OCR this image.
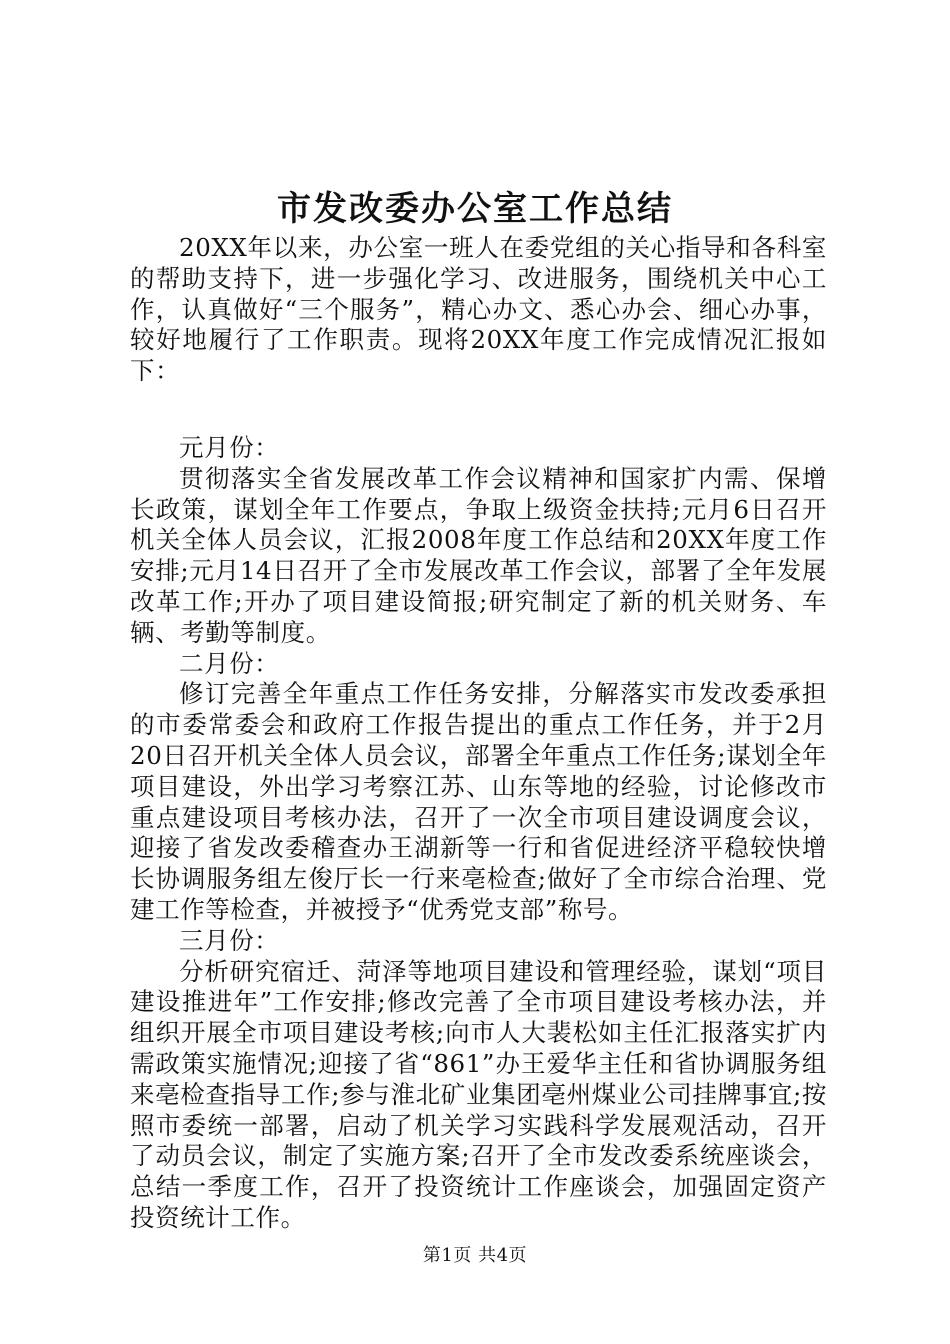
市发改委办公室工作总结

20XX年以来，办公室一班人在委党组的关心指导和各科室的帮助支持下，进一步强化学习、改进服务，围绕机关中心工作，认真做好“三个服务”，精心办文、悉心办会、细心办事，较好地履行了工作职责。现将20XX年度工作完成情况汇报如下：

元月份：

贯彻落实全省发展改革工作会议精神和国家扩内需、保增长政策，谋划全年工作要点，争取上级资金扶持;元月6日召开机关全体人员会议，汇报2008年度工作总结和20XX年度工作安排;元月14日召开了全市发展改革工作会议，部署了全年发展改革工作;开办了项目建设简报;研究制定了新的机关财务、车辆、考勤等制度。

二月份：

修订完善全年重点工作任务安排，分解落实市发改委承担的市委常委会和政府工作报告提出的重点工作任务，并于2月20日召开机关全体人员会议，部署全年重点工作任务;谋划全年项目建设，外出学习考察江苏、山东等地的经验，讨论修改市重点建设项目考核办法，召开了一次全市项目建设调度会议，迎接了省发改委稽查办王湖新等一行和省促进经济平稳较快增长协调服务组左俊厅长一行来亳检查;做好了全市综合治理、党建工作等检查，并被授予“优秀党支部”称号。

三月份：

分析研究宿迁、菏泽等地项目建设和管理经验，谋划“项目建设推进年”工作安排;修改完善了全市项目建设考核办法，并组织开展全市项目建设考核;向市人大裴松如主任汇报落实扩内需政策实施情况;迎接了省“861”办王爱华主任和省协调服务组来亳检查指导工作;参与淮北矿业集团亳州煤业公司挂牌事宜;按照市委统一部署，启动了机关学习实践科学发展观活动，召开了动员会议，制定了实施方案;召开了全市发改委系统座谈会，总结一季度工作，召开了投资统计工作座谈会，加强固定资产投资统计工作。

第1页 共4页
